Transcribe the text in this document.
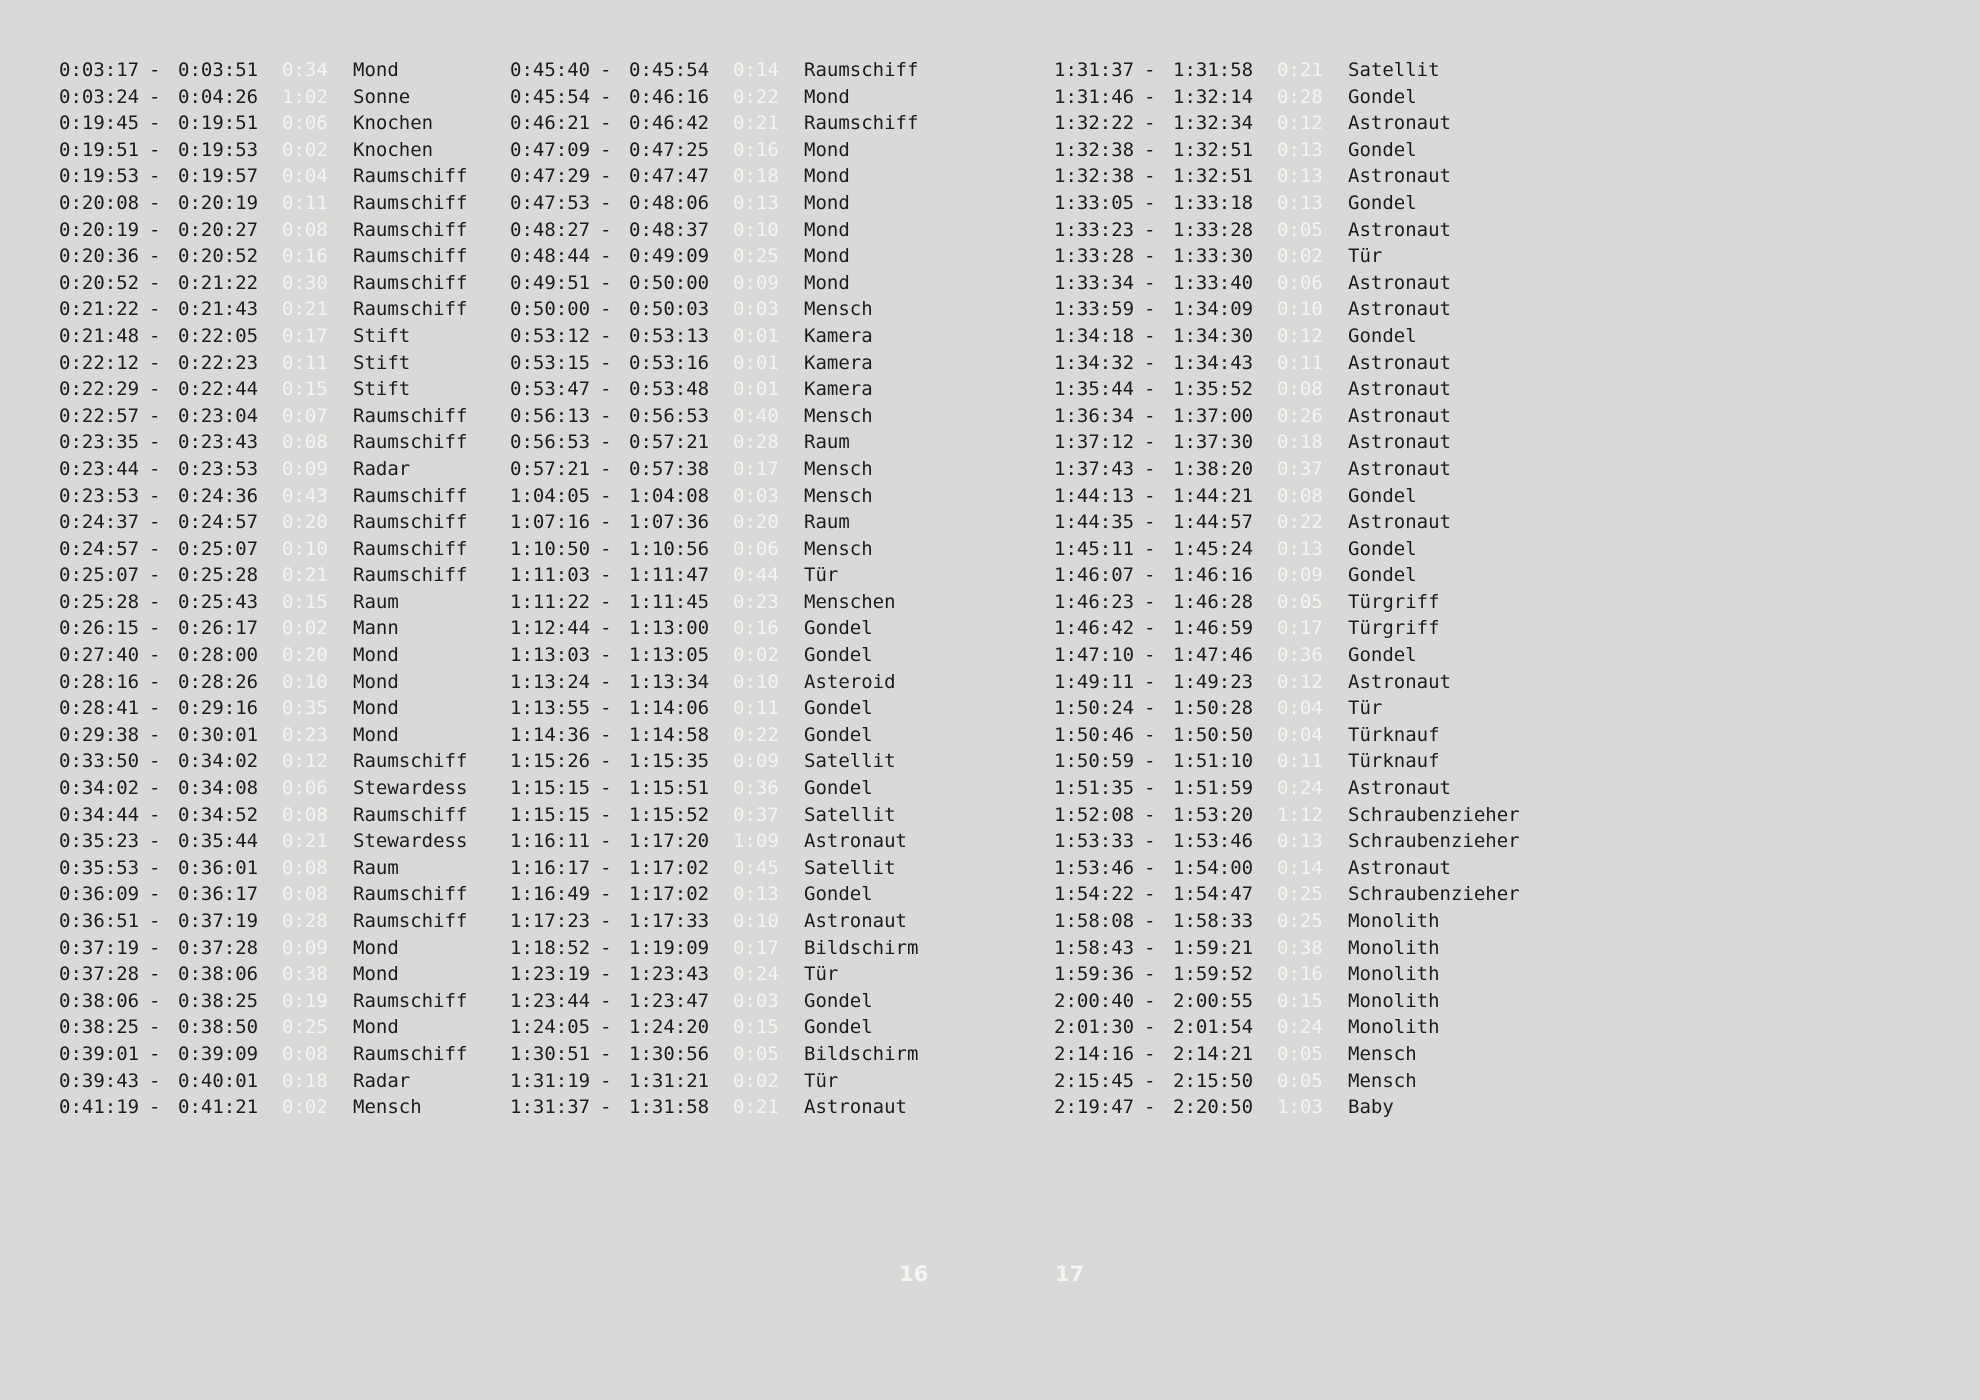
0:03:17 - 0:03:51 0:34 Mond
0:03:24 - 0:04:26 1:02 Sonne
0:19:45 - 0:19:51 0:06 Knochen
0:19:51 - 0:19:53 0:02 Knochen
0:19:53 - 0:19:57 0:04 Raumschiff
0:20:08 - 0:20:19 0:11 Raumschiff
0:20:19 - 0:20:27 0:08 Raumschiff
0:20:36 - 0:20:52 0:16 Raumschiff
0:20:52 - 0:21:22 0:30 Raumschiff
0:21:22 - 0:21:43 0:21 Raumschiff
0:21:48 - 0:22:05 0:17 Stift
0:22:12 - 0:22:23 0:11 Stift
0:22:29 - 0:22:44 0:15 Stift
0:22:57 - 0:23:04 0:07 Raumschiff
0:23:35 - 0:23:43 0:08 Raumschiff
0:23:44 - 0:23:53 0:09 Radar
0:23:53 - 0:24:36 0:43 Raumschiff
0:24:37 - 0:24:57 0:20 Raumschiff
0:24:57 - 0:25:07 0:10 Raumschiff
0:25:07 - 0:25:28 0:21 Raumschiff
0:25:28 - 0:25:43 0:15 Raum
0:26:15 - 0:26:17 0:02 Mann
0:27:40 - 0:28:00 0:20 Mond
0:28:16 - 0:28:26 0:10 Mond
0:28:41 - 0:29:16 0:35 Mond
0:29:38 - 0:30:01 0:23 Mond
0:33:50 - 0:34:02 0:12 Raumschiff
0:34:02 - 0:34:08 0:06 Stewardess
0:34:44 - 0:34:52 0:08 Raumschiff
0:35:23 - 0:35:44 0:21 Stewardess
0:35:53 - 0:36:01 0:08 Raum
0:36:09 - 0:36:17 0:08 Raumschiff
0:36:51 - 0:37:19 0:28 Raumschiff
0:37:19 - 0:37:28 0:09 Mond
0:37:28 - 0:38:06 0:38 Mond
0:38:06 - 0:38:25 0:19 Raumschiff
0:38:25 - 0:38:50 0:25 Mond
0:39:01 - 0:39:09 0:08 Raumschiff
0:39:43 - 0:40:01 0:18 Radar
0:41:19 - 0:41:21 0:02 Mensch
0:45:40 - 0:45:54 0:14 Raumschiff
0:45:54 - 0:46:16 0:22 Mond
0:46:21 - 0:46:42 0:21 Raumschiff
0:47:09 - 0:47:25 0:16 Mond
0:47:29 - 0:47:47 0:18 Mond
0:47:53 - 0:48:06 0:13 Mond
0:48:27 - 0:48:37 0:10 Mond
0:48:44 - 0:49:09 0:25 Mond
0:49:51 - 0:50:00 0:09 Mond
0:50:00 - 0:50:03 0:03 Mensch
0:53:12 - 0:53:13 0:01 Kamera
0:53:15 - 0:53:16 0:01 Kamera
0:53:47 - 0:53:48 0:01 Kamera
0:56:13 - 0:56:53 0:40 Mensch
0:56:53 - 0:57:21 0:28 Raum
0:57:21 - 0:57:38 0:17 Mensch
1:04:05 - 1:04:08 0:03 Mensch
1:07:16 - 1:07:36 0:20 Raum
1:10:50 - 1:10:56 0:06 Mensch
1:11:03 - 1:11:47 0:44 Tür
1:11:22 - 1:11:45 0:23 Menschen
1:12:44 - 1:13:00 0:16 Gondel
1:13:03 - 1:13:05 0:02 Gondel
1:13:24 - 1:13:34 0:10 Asteroid
1:13:55 - 1:14:06 0:11 Gondel
1:14:36 - 1:14:58 0:22 Gondel
1:15:26 - 1:15:35 0:09 Satellit
1:15:15 - 1:15:51 0:36 Gondel
1:15:15 - 1:15:52 0:37 Satellit
1:16:11 - 1:17:20 1:09 Astronaut
1:16:17 - 1:17:02 0:45 Satellit
1:16:49 - 1:17:02 0:13 Gondel
1:17:23 - 1:17:33 0:10 Astronaut
1:18:52 - 1:19:09 0:17 Bildschirm
1:23:19 - 1:23:43 0:24 Tür
1:23:44 - 1:23:47 0:03 Gondel
1:24:05 - 1:24:20 0:15 Gondel
1:30:51 - 1:30:56 0:05 Bildschirm
1:31:19 - 1:31:21 0:02 Tür
1:31:37 - 1:31:58 0:21 Astronaut
1:31:37 - 1:31:58 0:21 Satellit
1:31:46 - 1:32:14 0:28 Gondel
1:32:22 - 1:32:34 0:12 Astronaut
1:32:38 - 1:32:51 0:13 Gondel
1:32:38 - 1:32:51 0:13 Astronaut
1:33:05 - 1:33:18 0:13 Gondel
1:33:23 - 1:33:28 0:05 Astronaut
1:33:28 - 1:33:30 0:02 Tür
1:33:34 - 1:33:40 0:06 Astronaut
1:33:59 - 1:34:09 0:10 Astronaut
1:34:18 - 1:34:30 0:12 Gondel
1:34:32 - 1:34:43 0:11 Astronaut
1:35:44 - 1:35:52 0:08 Astronaut
1:36:34 - 1:37:00 0:26 Astronaut
1:37:12 - 1:37:30 0:18 Astronaut
1:37:43 - 1:38:20 0:37 Astronaut
1:44:13 - 1:44:21 0:08 Gondel
1:44:35 - 1:44:57 0:22 Astronaut
1:45:11 - 1:45:24 0:13 Gondel
1:46:07 - 1:46:16 0:09 Gondel
1:46:23 - 1:46:28 0:05 Türgriff
1:46:42 - 1:46:59 0:17 Türgriff
1:47:10 - 1:47:46 0:36 Gondel
1:49:11 - 1:49:23 0:12 Astronaut
1:50:24 - 1:50:28 0:04 Tür
1:50:46 - 1:50:50 0:04 Türknauf
1:50:59 - 1:51:10 0:11 Türknauf
1:51:35 - 1:51:59 0:24 Astronaut
1:52:08 - 1:53:20 1:12 Schraubenzieher
1:53:33 - 1:53:46 0:13 Schraubenzieher
1:53:46 - 1:54:00 0:14 Astronaut
1:54:22 - 1:54:47 0:25 Schraubenzieher
1:58:08 - 1:58:33 0:25 Monolith
1:58:43 - 1:59:21 0:38 Monolith
1:59:36 - 1:59:52 0:16 Monolith
2:00:40 - 2:00:55 0:15 Monolith
2:01:30 - 2:01:54 0:24 Monolith
2:14:16 - 2:14:21 0:05 Mensch
2:15:45 - 2:15:50 0:05 Mensch
2:19:47 - 2:20:50 1:03 Baby
16	17
